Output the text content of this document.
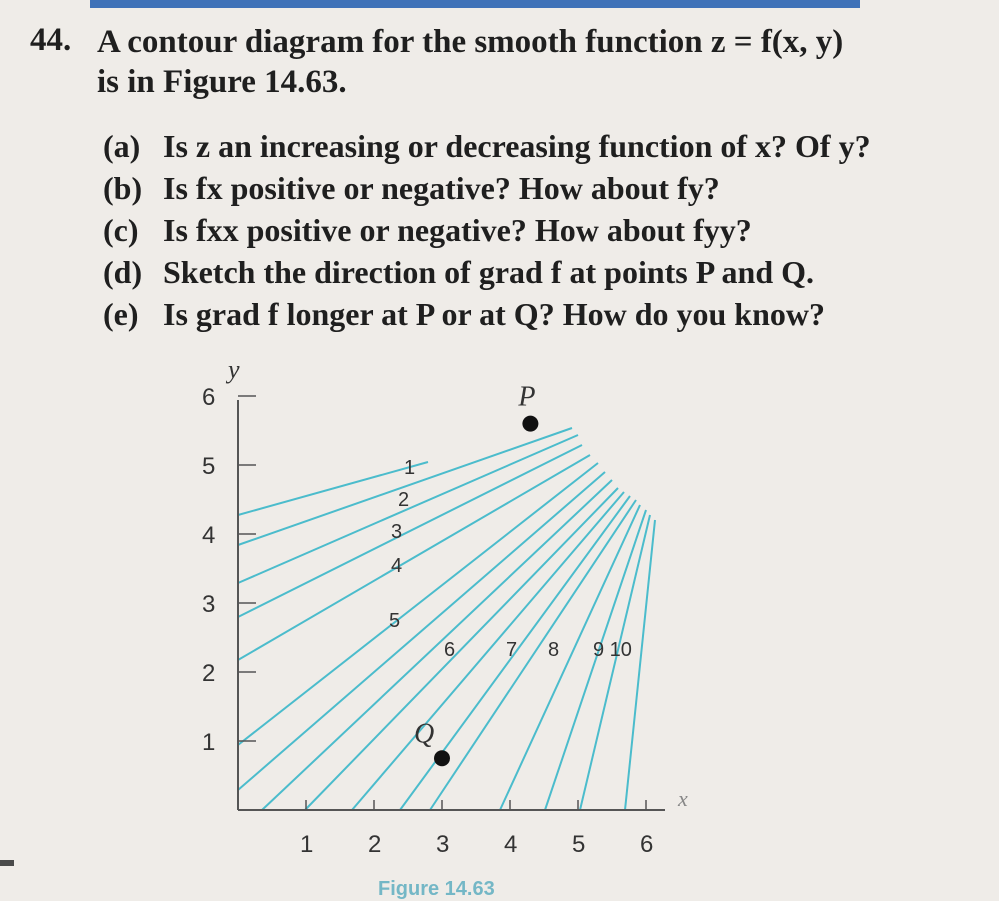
44. A contour diagram for the smooth function z = f(x, y)
is in Figure 14.63.
(a) Is z an increasing or decreasing function of x? Of y?
(b) Is fx positive or negative? How about fy?
(c) Is fxx positive or negative? How about fyy?
(d) Sketch the direction of grad f at points P and Q.
(e) Is grad f longer at P or at Q? How do you know?
1 2 3 4 5 6
1
2
3
4
5
6
y
x
1
2
3
4
5
6	7 8 9 10
P
Q
Figure 14.63
